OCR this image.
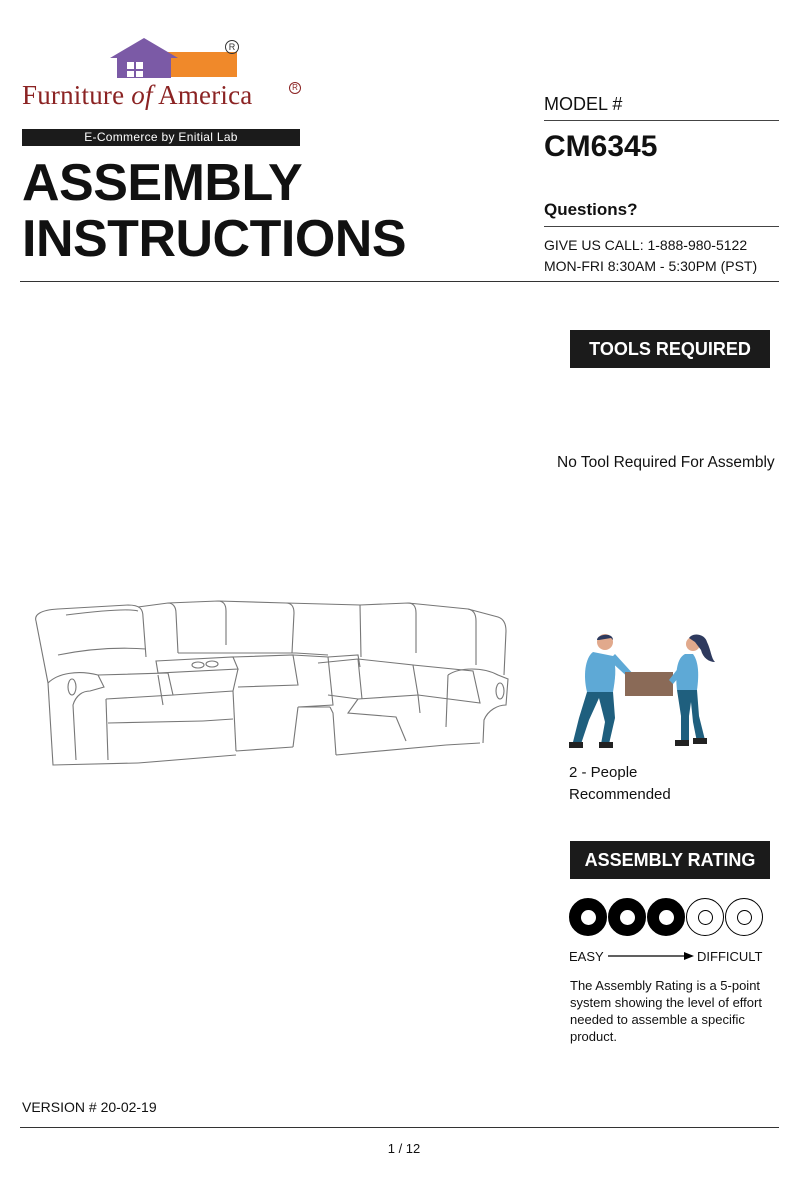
R
Furniture of America	R
E-Commerce by Enitial Lab
ASSEMBLY
INSTRUCTIONS
MODEL #
CM6345
Questions?
GIVE US CALL: 1-888-980-5122
MON-FRI 8:30AM - 5:30PM (PST)
TOOLS REQUIRED
No Tool Required For Assembly
2 - People
Recommended
ASSEMBLY RATING
EASY	DIFFICULT
The Assembly Rating is a 5-point system showing the level of effort needed to assemble a specific product.
VERSION # 20-02-19
1 / 12
